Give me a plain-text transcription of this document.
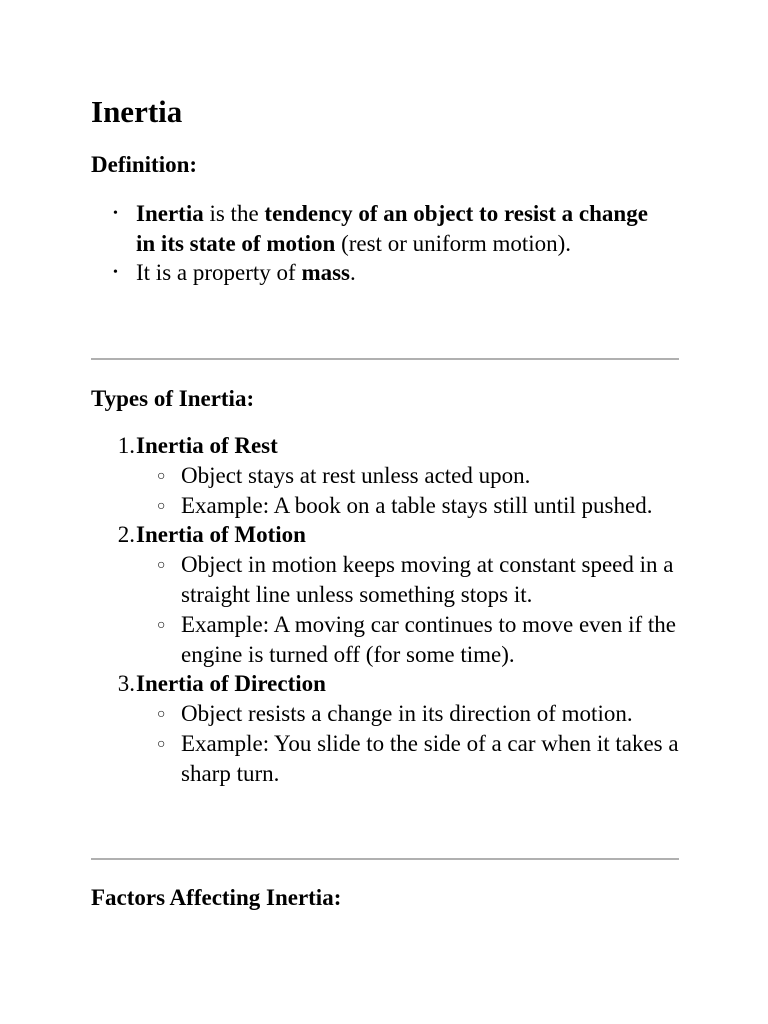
Inertia
Definition:
• Inertia is the tendency of an object to resist a change in its state of motion (rest or uniform motion).
• It is a property of mass.
Types of Inertia:
1. Inertia of Rest
○ Object stays at rest unless acted upon.
○ Example: A book on a table stays still until pushed.
2. Inertia of Motion
○ Object in motion keeps moving at constant speed in a straight line unless something stops it.
○ Example: A moving car continues to move even if the engine is turned off (for some time).
3. Inertia of Direction
○ Object resists a change in its direction of motion.
○ Example: You slide to the side of a car when it takes a sharp turn.
Factors Affecting Inertia:
